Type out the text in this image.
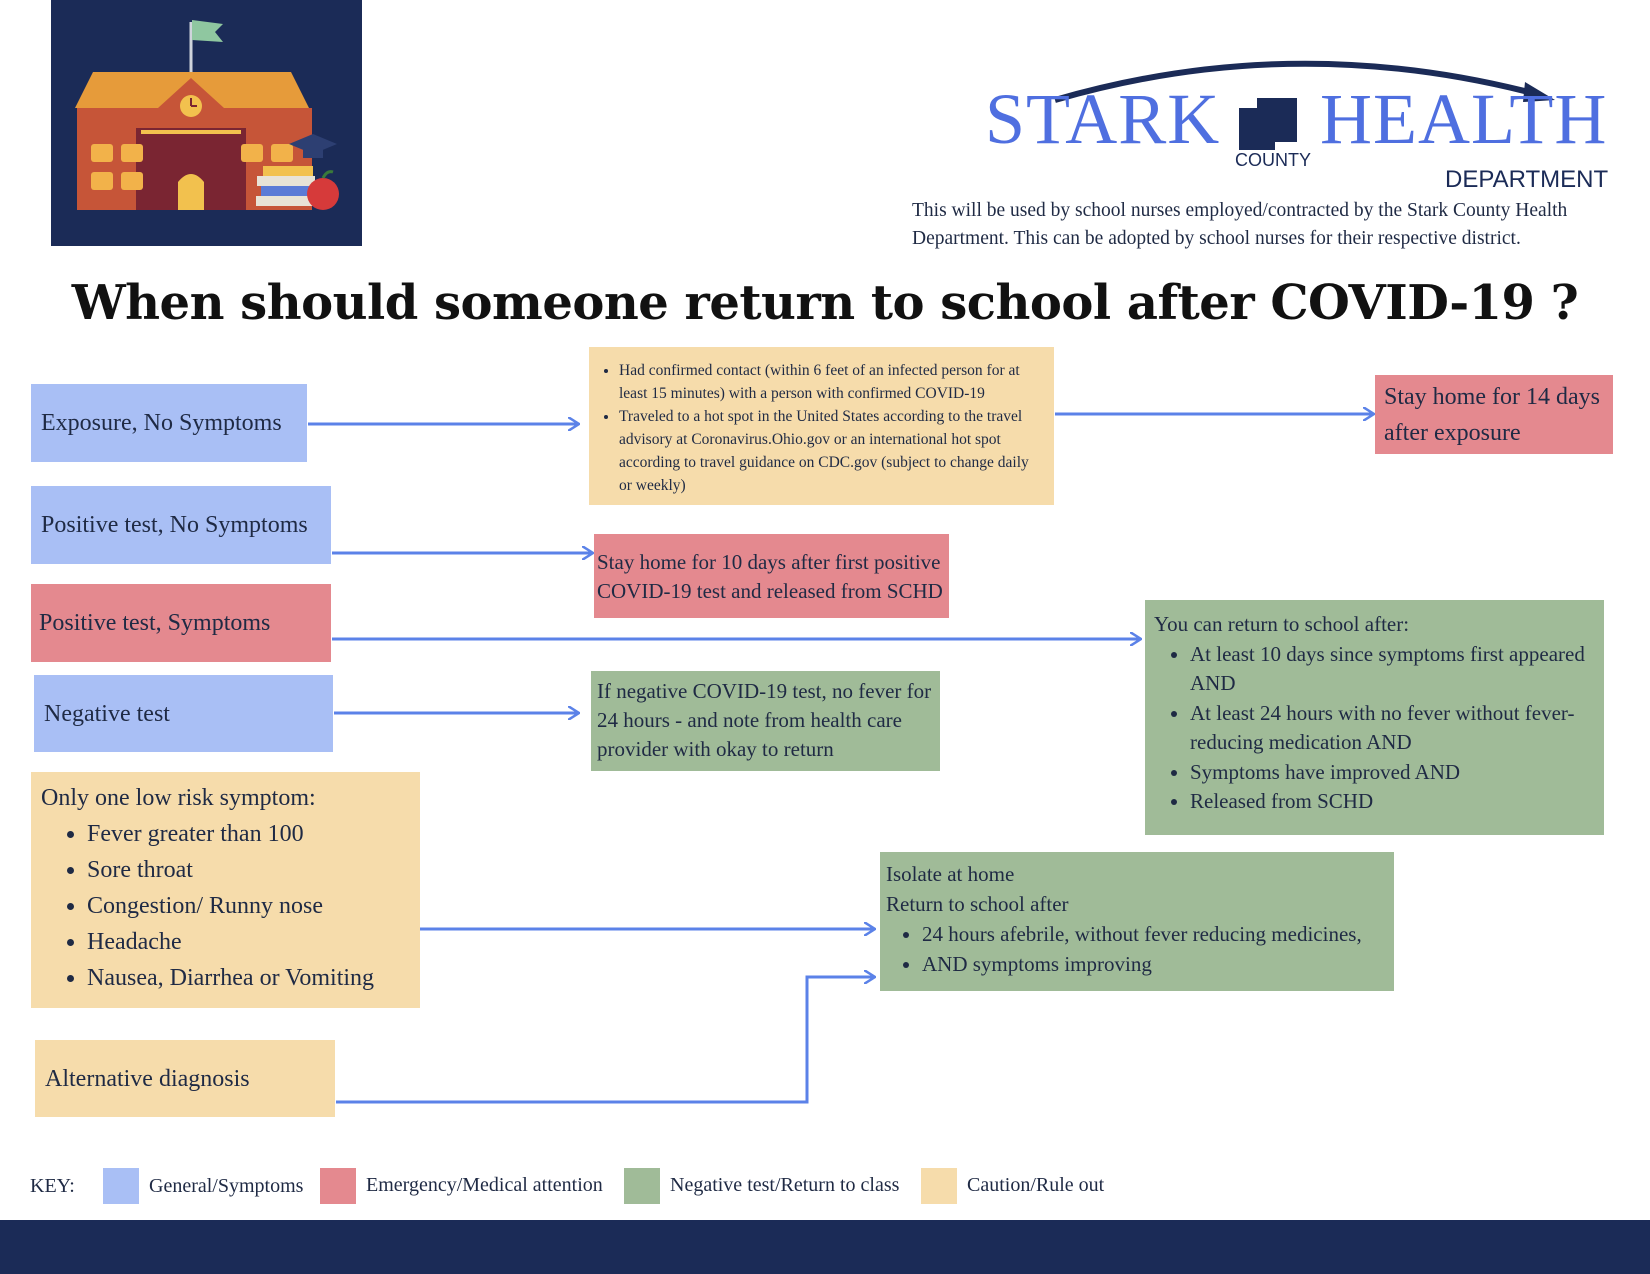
STARK
COUNTY
HEALTH
DEPARTMENT
This will be used by school nurses employed/contracted by the Stark County Health Department. This can be adopted by school nurses for their respective district.
When should someone return to school after COVID-19 ?
Exposure, No Symptoms
Positive test, No Symptoms
Positive test, Symptoms
Negative test
Only one low risk symptom:
• Fever greater than 100
• Sore throat
• Congestion/ Runny nose
• Headache
• Nausea, Diarrhea or Vomiting
Alternative diagnosis
• Had confirmed contact (within 6 feet of an infected person for at least 15 minutes) with a person with confirmed COVID-19
• Traveled to a hot spot in the United States according to the travel advisory at Coronavirus.Ohio.gov or an international hot spot according to travel guidance on CDC.gov (subject to change daily or weekly)
Stay home for 10 days after first positive COVID-19 test and released from SCHD
If negative COVID-19 test, no fever for 24 hours - and note from health care provider with okay to return
Stay home for 14 days after exposure
You can return to school after:
• At least 10 days since symptoms first appeared AND
• At least 24 hours with no fever without fever-reducing medication AND
• Symptoms have improved AND
• Released from SCHD
Isolate at home
Return to school after
• 24 hours afebrile, without fever reducing medicines,
• AND symptoms improving
KEY:	General/Symptoms	Emergency/Medical attention	Negative test/Return to class	Caution/Rule out
